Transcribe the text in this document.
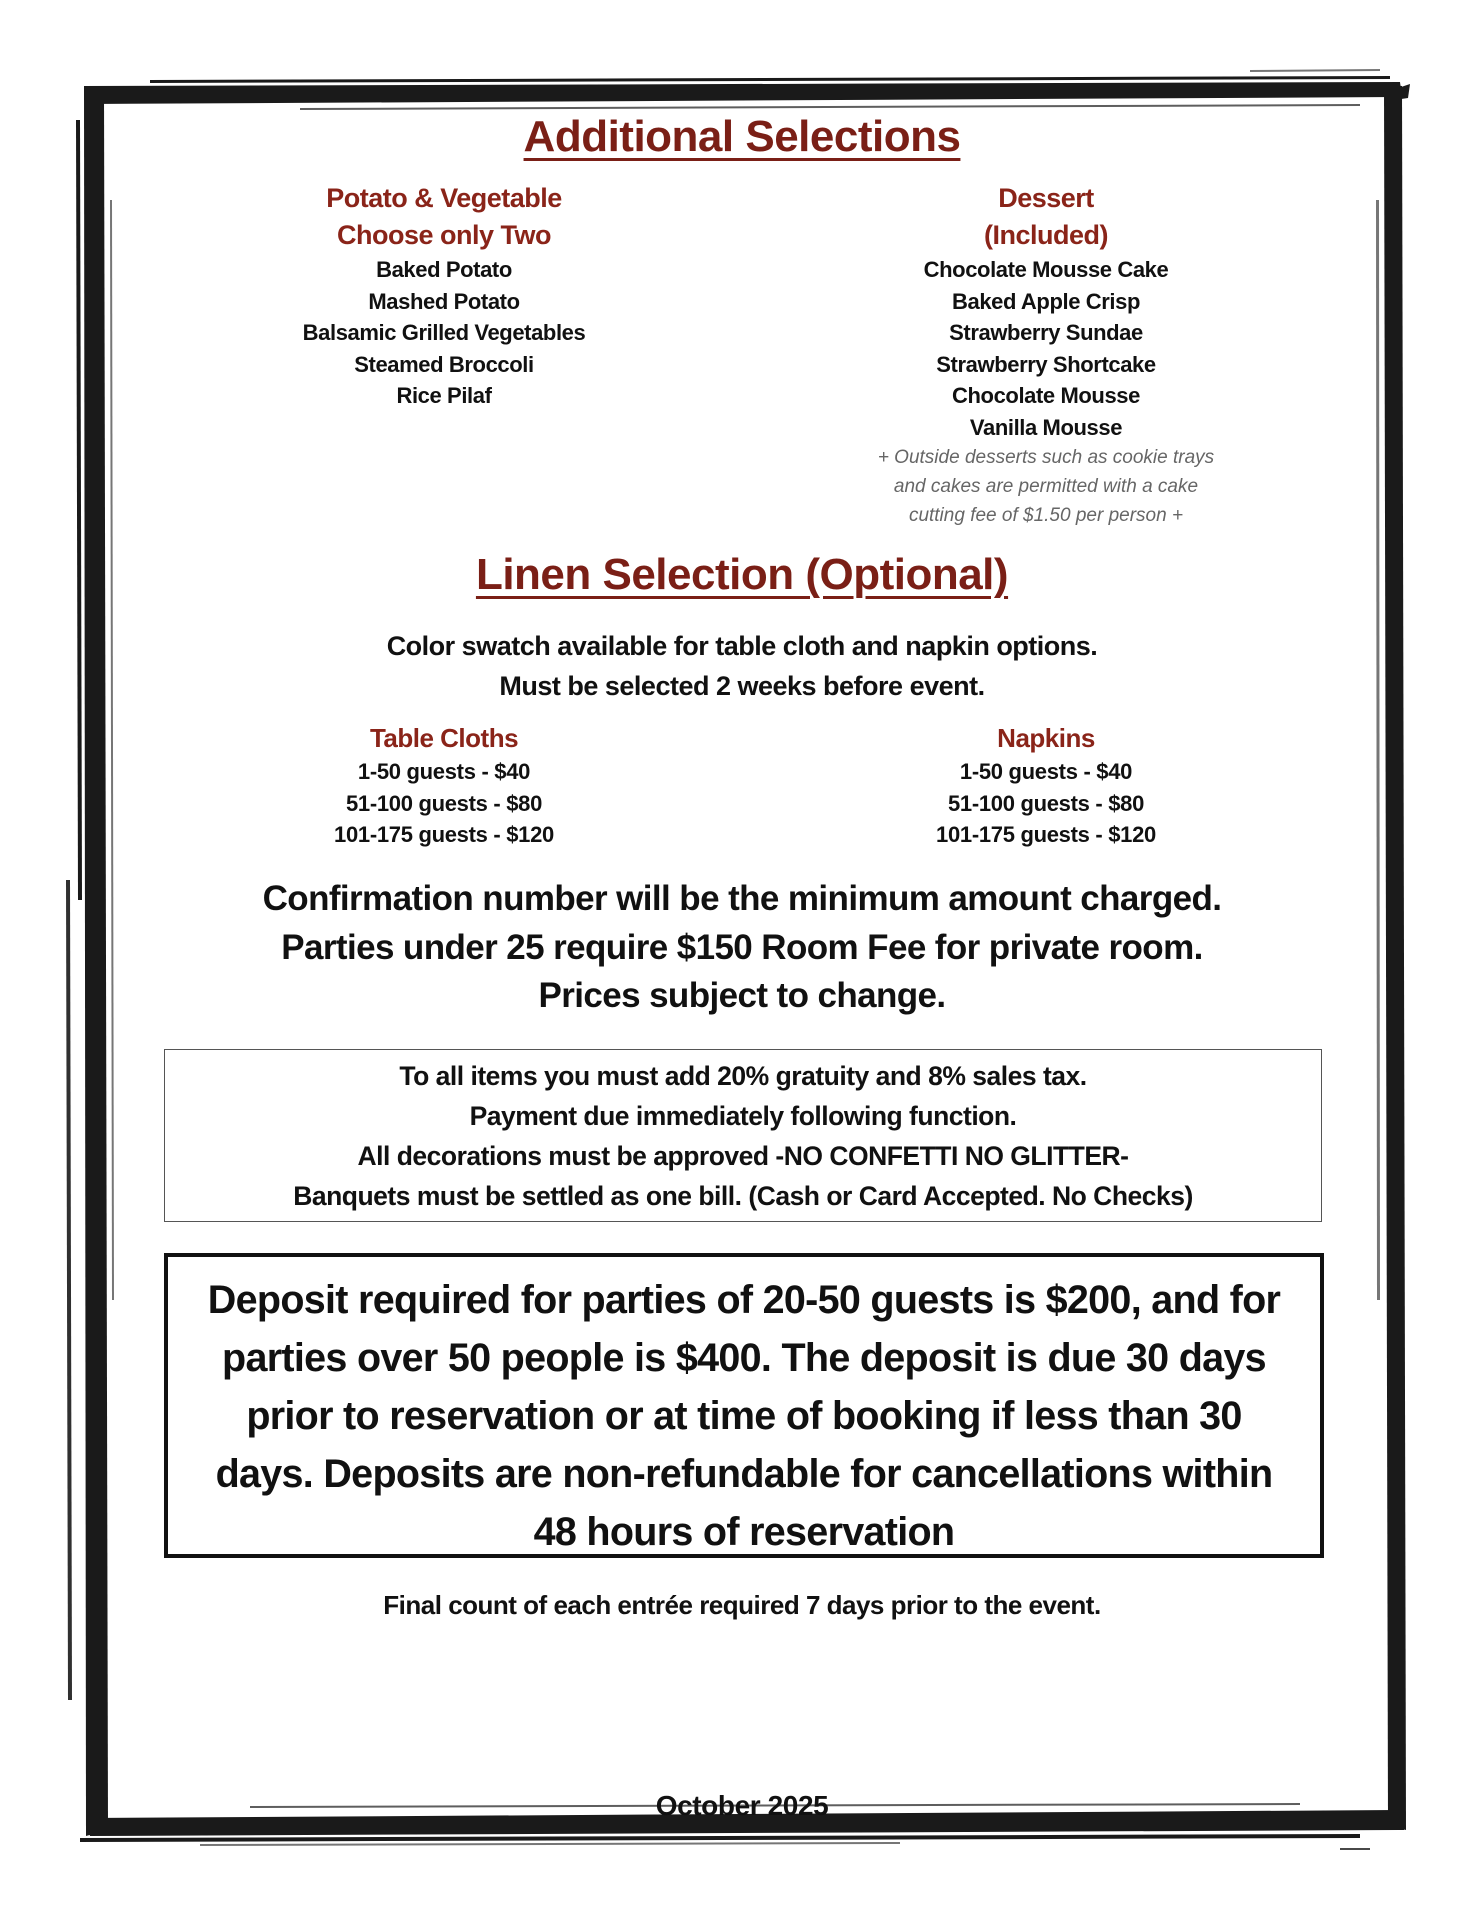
Additional Selections
Potato & Vegetable
Choose only Two
Baked Potato
Mashed Potato
Balsamic Grilled Vegetables
Steamed Broccoli
Rice Pilaf
Dessert
(Included)
Chocolate Mousse Cake
Baked Apple Crisp
Strawberry Sundae
Strawberry Shortcake
Chocolate Mousse
Vanilla Mousse
+ Outside desserts such as cookie trays
and cakes are permitted with a cake
cutting fee of $1.50 per person +
Linen Selection (Optional)
Color swatch available for table cloth and napkin options.
Must be selected 2 weeks before event.
Table Cloths
1-50 guests - $40
51-100 guests - $80
101-175 guests - $120
Napkins
1-50 guests - $40
51-100 guests - $80
101-175 guests - $120
Confirmation number will be the minimum amount charged.
Parties under 25 require $150 Room Fee for private room.
Prices subject to change.
To all items you must add 20% gratuity and 8% sales tax.
Payment due immediately following function.
All decorations must be approved -NO CONFETTI NO GLITTER-
Banquets must be settled as one bill. (Cash or Card Accepted. No Checks)
Deposit required for parties of 20-50 guests is $200, and for parties over 50 people is $400. The deposit is due 30 days prior to reservation or at time of booking if less than 30 days. Deposits are non-refundable for cancellations within 48 hours of reservation
Final count of each entrée required 7 days prior to the event.
October 2025
